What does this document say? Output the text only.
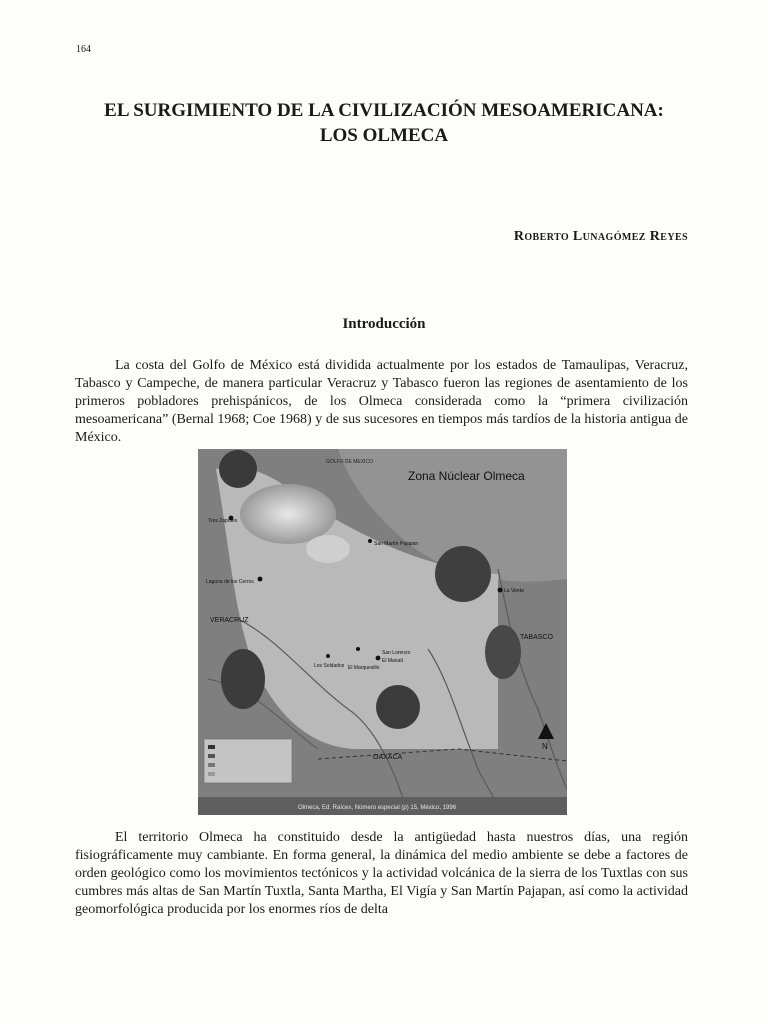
164
EL SURGIMIENTO DE LA CIVILIZACIÓN MESOAMERICANA:
LOS OLMECA
Roberto Lunagómez Reyes
Introducción

La costa del Golfo de México está dividida actualmente por los estados de Tamaulipas, Veracruz, Tabasco y Campeche, de manera particular Veracruz y Tabasco fueron las regiones de asentamiento de los primeros pobladores prehispánicos, de los Olmeca considerada como la “primera civilización mesoamericana” (Bernal 1968; Coe 1968) y de sus sucesores en tiempos más tardíos de la historia antigua de México.

N
Zona Núclear Olmeca
GOLFO DE MEXICO
VERACRUZ
TABASCO
OAXACA
La Venta
San Lorenzo
Tres Zapotes
Laguna de los Cerros
San Martín Pajapan
El Manatí
Los Soldados El Marquesillo
Olmeca, Ed. Raíces, Número especial (p) 15, México, 1996

El territorio Olmeca ha constituido desde la antigüedad hasta nuestros días, una región fisiográficamente muy cambiante. En forma general, la dinámica del medio ambiente se debe a factores de orden geológico como los movimientos tectónicos y la actividad volcánica de la sierra de los Tuxtlas con sus cumbres más altas de San Martín Tuxtla, Santa Martha, El Vigía y San Martín Pajapan, así como la actividad geomorfológica producida por los enormes ríos de delta
